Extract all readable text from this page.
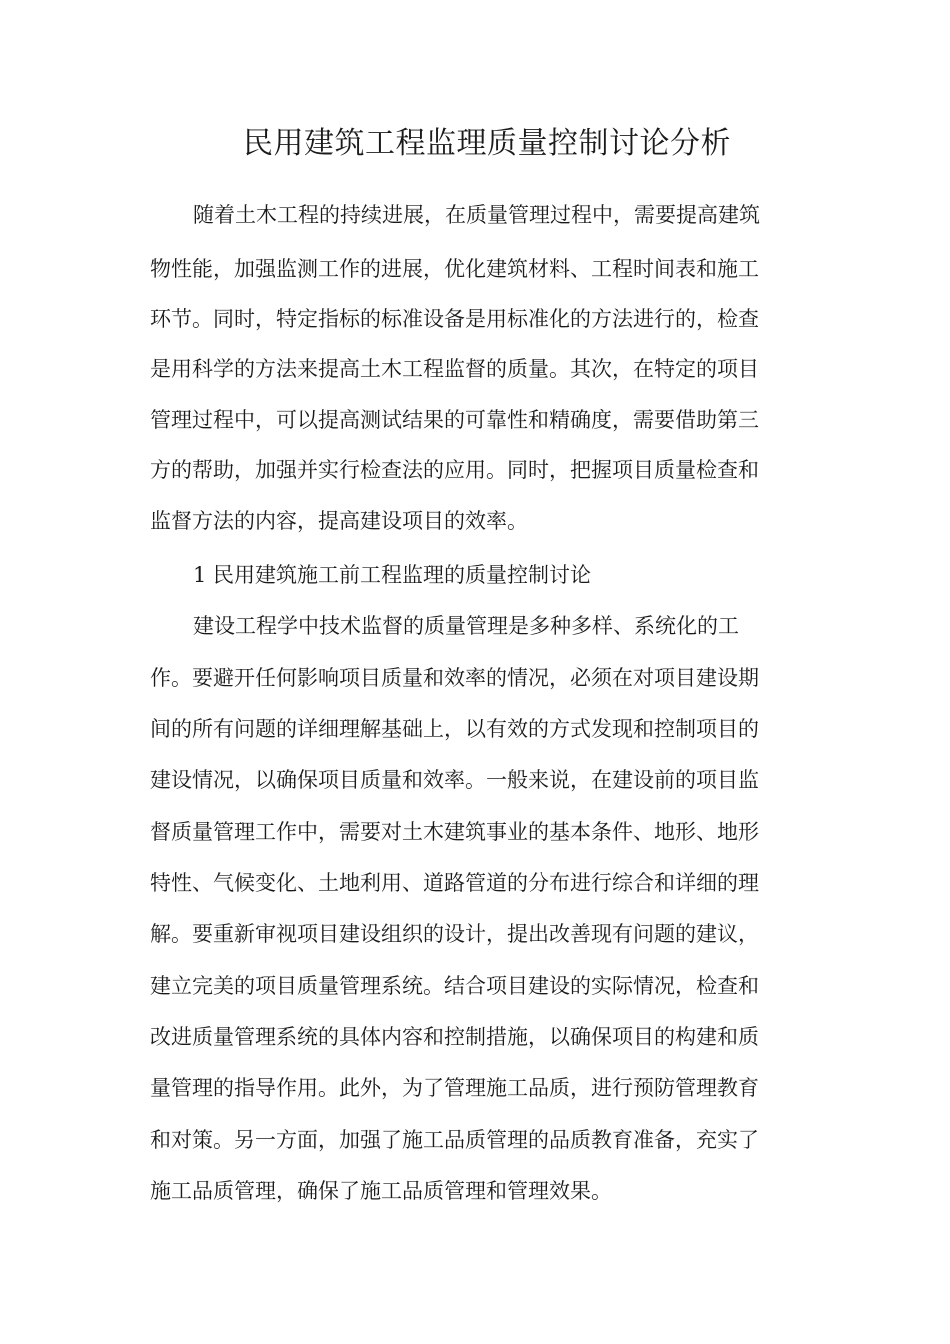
民用建筑工程监理质量控制讨论分析
随着土木工程的持续进展，在质量管理过程中，需要提高建筑
物性能，加强监测工作的进展，优化建筑材料、工程时间表和施工
环节。同时，特定指标的标准设备是用标准化的方法进行的，检查
是用科学的方法来提高土木工程监督的质量。其次，在特定的项目
管理过程中，可以提高测试结果的可靠性和精确度，需要借助第三
方的帮助，加强并实行检查法的应用。同时，把握项目质量检查和
监督方法的内容，提高建设项目的效率。
1 民用建筑施工前工程监理的质量控制讨论
建设工程学中技术监督的质量管理是多种多样、系统化的工
作。要避开任何影响项目质量和效率的情况，必须在对项目建设期
间的所有问题的详细理解基础上，以有效的方式发现和控制项目的
建设情况，以确保项目质量和效率。一般来说，在建设前的项目监
督质量管理工作中，需要对土木建筑事业的基本条件、地形、地形
特性、气候变化、土地利用、道路管道的分布进行综合和详细的理
解。要重新审视项目建设组织的设计，提出改善现有问题的建议，
建立完美的项目质量管理系统。结合项目建设的实际情况，检查和
改进质量管理系统的具体内容和控制措施，以确保项目的构建和质
量管理的指导作用。此外，为了管理施工品质，进行预防管理教育
和对策。另一方面，加强了施工品质管理的品质教育准备，充实了
施工品质管理，确保了施工品质管理和管理效果。
